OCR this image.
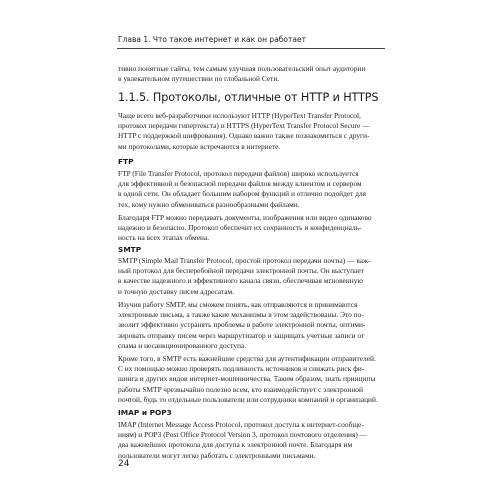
Глава 1. Что такое интернет и как он работает

тивно понятные сайты, тем самым улучшая пользовательский опыт аудитории
в увлекательном путешествии по глобальной Сети.

1.1.5. Протоколы, отличные от HTTP и HTTPS

Чаще всего веб-разработчики используют HTTP (HyperText Transfer Protocol,
протокол передачи гипертекста) и HTTPS (HyperText Transfer Protocol Secure —
HTTP с поддержкой шифрования). Однако важно также познакомиться с други-
ми протоколами, которые встречаются в интернете.

FTP

FTP (File Transfer Protocol, протокол передачи файлов) широко используется
для эффективной и безопасной передачи файлов между клиентом и сервером
в одной сети. Он обладает большим набором функций и отлично подойдет для
тех, кому нужно обмениваться разнообразными файлами.

Благодаря FTP можно передавать документы, изображения или видео одинаково
надежно и безопасно. Протокол обеспечит их сохранность и конфиденциаль-
ность на всех этапах обмена.

SMTP

SMTP (Simple Mail Transfer Protocol, простой протокол передачи почты) — важ-
ный протокол для бесперебойной передачи электронной почты. Он выступает
в качестве надежного и эффективного канала связи, обеспечивая мгновенную
и точную доставку писем адресатам.

Изучив работу SMTP, мы сможем понять, как отправляются и принимаются
электронные письма, а также какие механизмы в этом задействованы. Это по-
зволит эффективно устранять проблемы в работе электронной почты, оптими-
зировать отправку писем через маршрутизатор и защищать учетные записи от
спама и несанкционированного доступа.

Кроме того, в SMTP есть важнейшие средства для аутентификации отправителей.
С их помощью можно проверять подлинность источников и снижать риск фи-
шинга и других видов интернет-мошенничества. Таким образом, знать принципы
работы SMTP чрезвычайно полезно всем, кто взаимодействует с электронной
почтой, будь то отдельные пользователи или сотрудники компаний и организаций.

IMAP и POP3

IMAP (Internet Message Access Protocol, протокол доступа к интернет-сообще-
ниям) и POP3 (Post Office Protocol Version 3, протокол почтового отделения) —
два важнейших протокола для доступа к электронной почте. Благодаря им
пользователи могут легко работать с электронными письмами.

24
